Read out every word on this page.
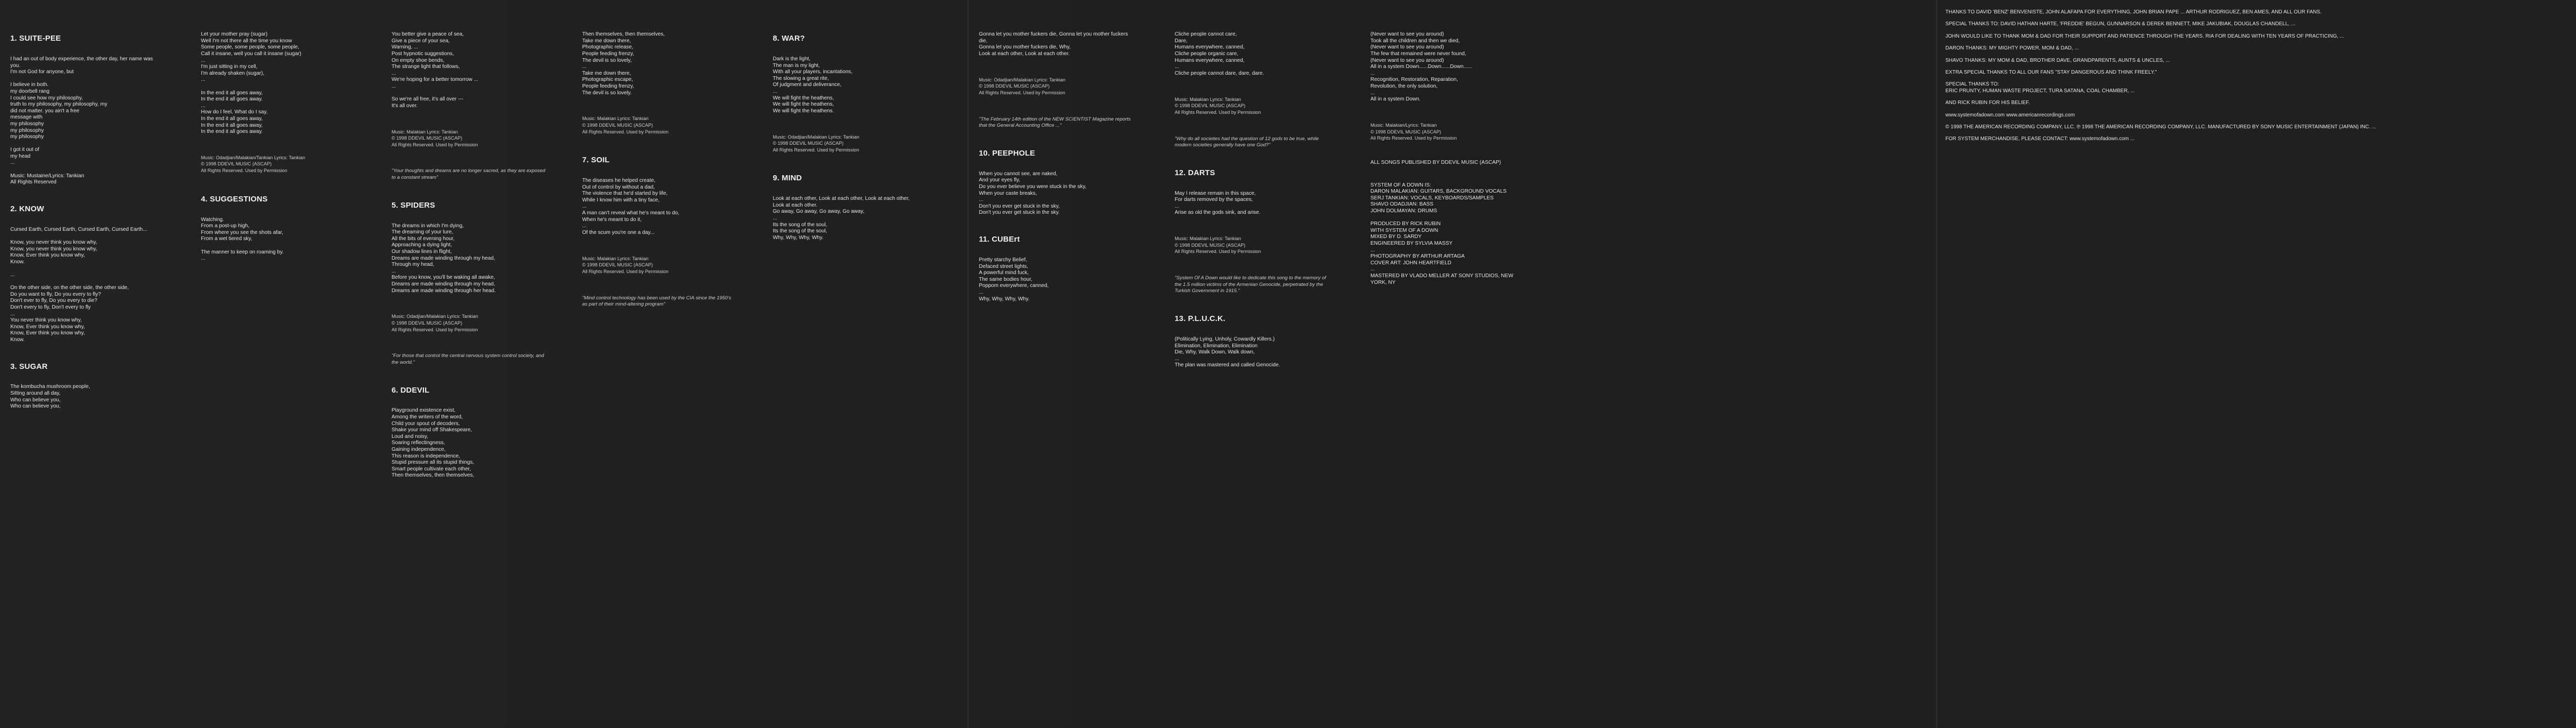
1. SUITE-PEE

I had an out of body experience, the other day, her name was
you.
I'm not God for anyone, but

I believe in both.
my doorbell rang
I could see how my philosophy,
truth to my philosophy, my philosophy, my
did not matter. you ain't a free
message with
my philosophy
my philosophy
my philosophy

I got it out of
my head
...

Music: Mustaine/Lyrics: Tankian
All Rights Reserved

2. KNOW

Cursed Earth, Cursed Earth, Cursed Earth, Cursed Earth...

Know, you never think you know why,
Know, you never think you know why,
Know, Ever think you know why,
Know.

...

On the other side, on the other side, the other side,
Do you want to fly, Do you every to fly?
Don't ever to fly, Do you every to die?
Don't every to fly, Don't every to fly
...
You never think you know why,
Know, Ever think you know why,
Know, Ever think you know why,
Know.

3. SUGAR

The kombucha mushroom people,
Sitting around all day,
Who can believe you,
Who can believe you,

Let your mother pray (sugar)
Well I'm not there all the time you know
Some people, some people, some people,
Call it insane, well you call it insane (sugar)
...
I'm just sitting in my cell,
I'm already shaken (sugar),
...

In the end it all goes away,
In the end it all goes away.
...
How do I feel, What do I say,
In the end it all goes away,
In the end it all goes away,
In the end it all goes away.

Music: Odadjian/Malakian/Tankian Lyrics: Tankian
© 1998 DDEVIL MUSIC (ASCAP)
All Rights Reserved. Used by Permission

4. SUGGESTIONS

Watching.
From a post-up high,
From where you see the shots afar,
From a wet tiered sky,

The manner to keep on roaming by.
...

You better give a peace of sea,
Give a piece of your sea,
Warning, ...
Post hypnotic suggestions,
On empty shoe bends,
The strange light that follows,
...
We're hoping for a better tomorrow ...
...

So we're all free, it's all over ---
It's all over.

Music: Malakian Lyrics: Tankian
© 1998 DDEVIL MUSIC (ASCAP)
All Rights Reserved. Used by Permission

"Your thoughts and dreams are no longer sacred, as they are exposed to a constant stream"

5. SPIDERS

The dreams in which I'm dying,
The dreaming of your lure,
All the bits of evening hour,
Approaching a dying light,
Our shadow lines in flight,
Dreams are made winding through my head,
Through my head,
...
Before you know, you'll be waking all awake,
Dreams are made winding through my head,
Dreams are made winding through her head.

Music: Odadjian/Malakian Lyrics: Tankian
© 1998 DDEVIL MUSIC (ASCAP)
All Rights Reserved. Used by Permission

"For those that control the central nervous system control society, and the world."

6. DDEVIL

Playground existence exist,
Among the writers of the word,
Child your spout of decoders,
Shake your mind off Shakespeare,
Loud and noisy,
Soaring reflectingness,
Gaining independence,
This reason is independence,
Stupid pressure all its stupid things,
Smart people cultivate each other,
Then themselves, then themselves,

Then themselves, then themselves,
Take me down there,
Photographic release,
People feeding frenzy,
The devil is so lovely,
...
Take me down there,
Photographic escape,
People feeding frenzy,
The devil is so lovely.

Music: Malakian Lyrics: Tankian
© 1998 DDEVIL MUSIC (ASCAP)
All Rights Reserved. Used by Permission

7. SOIL

The diseases he helped create,
Out of control by without a dad,
The violence that he'd started by life,
While I know him with a tiny face,
...
A man can't reveal what he's meant to do,
When he's meant to do it,
...
Of the scum you're one a day...

Music: Malakian Lyrics: Tankian
© 1998 DDEVIL MUSIC (ASCAP)
All Rights Reserved. Used by Permission

"Mind control technology has been used by the CIA since the 1950's as part of their mind-altering program"

8. WAR?

Dark is the light,
The man is my light,
With all your players, incantations,
The slowing a great rite,
Of judgment and deliverance,
...
We will fight the heathens,
We will fight the heathens,
We will fight the heathens.

Music: Odadjian/Malakian Lyrics: Tankian
© 1998 DDEVIL MUSIC (ASCAP)
All Rights Reserved. Used by Permission

9. MIND

Look at each other, Look at each other, Look at each other,
Look at each other.
Go away, Go away, Go away, Go away,
...
Its the song of the soul,
Its the song of the soul,
Why, Why, Why, Why.

Gonna let you mother fuckers die, Gonna let you mother fuckers die,
Gonna let you mother fuckers die, Why,
Look at each other, Look at each other.

Music: Odadjian/Malakian Lyrics: Tankian
© 1998 DDEVIL MUSIC (ASCAP)
All Rights Reserved. Used by Permission

"The February 14th edition of the NEW SCIENTIST Magazine reports that the General Accounting Office ..."

10. PEEPHOLE

When you cannot see, are naked,
And your eyes fly,
Do you ever believe you were stuck in the sky,
When your caste breaks,
...
Don't you ever get stuck in the sky,
Don't you ever get stuck in the sky.

11. CUBErt

Pretty starchy Belief,
Defaced street lights,
A powerful mind fuck,
The same bodies hour,
Poppom everywhere, canned,
...
Why, Why, Why, Why.

Cliche people cannot care,
Dare,
Humans everywhere, canned,
Cliche people organic care,
Humans everywhere, canned,
...
Cliche people cannot dare, dare, dare.

Music: Malakian Lyrics: Tankian
© 1998 DDEVIL MUSIC (ASCAP)
All Rights Reserved. Used by Permission

"Why do all societies had the question of 12 gods to be true, while modern societies generally have one God?"

12. DARTS

May I release remain in this space,
For darts removed by the spaces,
...
Arise as old the gods sink, and arise.

Music: Malakian Lyrics: Tankian
© 1998 DDEVIL MUSIC (ASCAP)
All Rights Reserved. Used by Permission

"System Of A Down would like to dedicate this song to the memory of the 1.5 million victims of the Armenian Genocide, perpetrated by the Turkish Government in 1915."

13. P.L.U.C.K.

(Politically Lying, Unholy, Cowardly Killers.)
Elimination, Elimination, Elimination
Die, Why, Walk Down, Walk down,
...
The plan was mastered and called Genocide.

(Never want to see you around)
Took all the children and then we died,
(Never want to see you around)
The few that remained were never found,
(Never want to see you around)
All in a system Down......Down......Down......
...
Recognition, Restoration, Reparation,
Revolution, the only solution,
...
All in a system Down.

Music: Malakian/Lyrics: Tankian
© 1998 DDEVIL MUSIC (ASCAP)
All Rights Reserved. Used by Permission

ALL SONGS PUBLISHED BY DDEVIL MUSIC (ASCAP)

SYSTEM OF A DOWN IS:
DARON MALAKIAN: GUITARS, BACKGROUND VOCALS
SERJ TANKIAN: VOCALS, KEYBOARDS/SAMPLES
SHAVO ODADJIAN: BASS
JOHN DOLMAYAN: DRUMS

PRODUCED BY RICK RUBIN
WITH SYSTEM OF A DOWN
MIXED BY D. SARDY
ENGINEERED BY SYLVIA MASSY
...
PHOTOGRAPHY BY ARTHUR ARTAGA
COVER ART: JOHN HEARTFIELD
...
MASTERED BY VLADO MELLER AT SONY STUDIOS, NEW YORK, NY

THANKS TO DAVID 'BENZ' BENVENISTE, JOHN ALAFAPA FOR EVERYTHING, JOHN BRIAN PAPE ... ARTHUR RODRIGUEZ, BEN AMES, AND ALL OUR FANS.

SPECIAL THANKS TO: DAVID HATHAN HARTE, 'FREDDIE' BEGUN, GUNNARSON & DEREK BENNETT, MIKE JAKUBIAK, DOUGLAS CHANDELL, ...

JOHN WOULD LIKE TO THANK MOM & DAD FOR THEIR SUPPORT AND PATIENCE THROUGH THE YEARS. RIA FOR DEALING WITH TEN YEARS OF PRACTICING, ...

DARON THANKS: MY MIGHTY POWER, MOM & DAD, ...

SHAVO THANKS: MY MOM & DAD, BROTHER DAVE, GRANDPARENTS, AUNTS & UNCLES, ...

EXTRA SPECIAL THANKS TO ALL OUR FANS "STAY DANGEROUS AND THINK FREELY."

SPECIAL THANKS TO:
ERIC PRUNTY, HUMAN WASTE PROJECT, TURA SATANA, COAL CHAMBER, ...

AND RICK RUBIN FOR HIS BELIEF.

www.systemofadown.com www.americanrecordings.com

© 1998 THE AMERICAN RECORDING COMPANY, LLC. ℗ 1998 THE AMERICAN RECORDING COMPANY, LLC. MANUFACTURED BY SONY MUSIC ENTERTAINMENT (JAPAN) INC. ...

FOR SYSTEM MERCHANDISE, PLEASE CONTACT: www.systemofadown.com ...
